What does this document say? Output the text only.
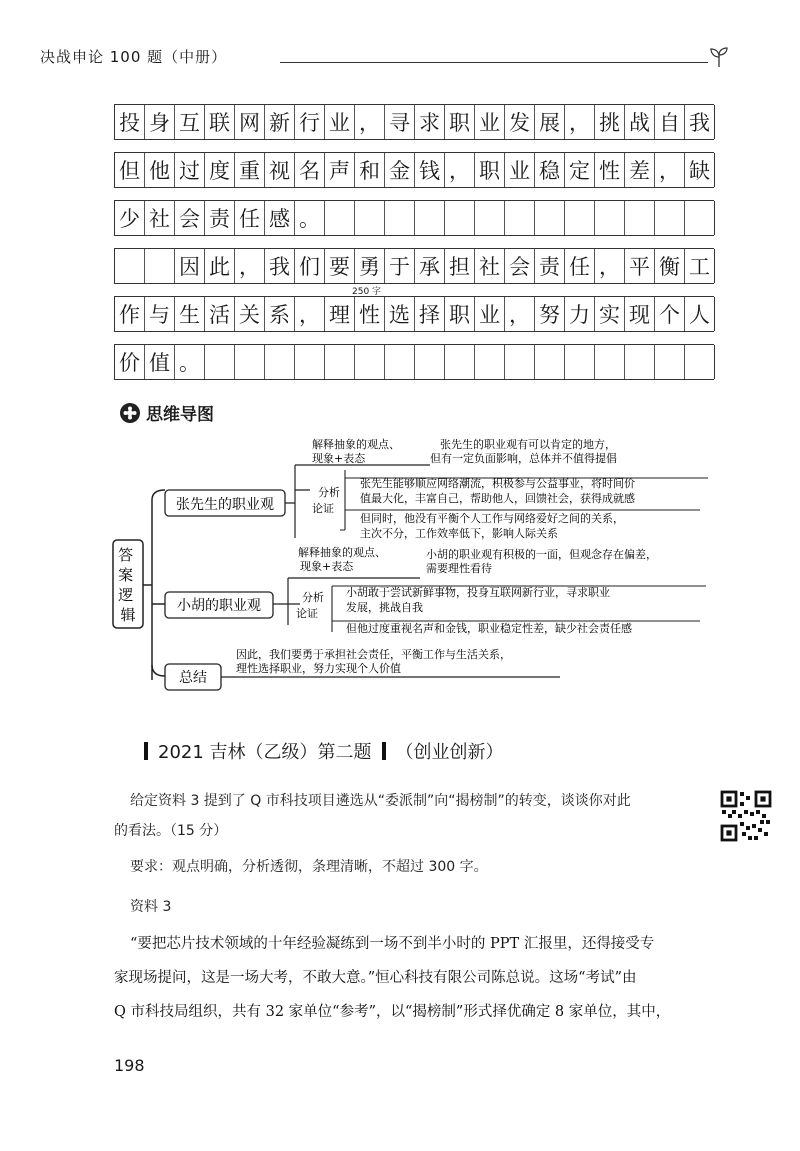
决战申论 100 题（中册）
投 身 互 联 网 新 行 业 ， 寻 求 职 业 发 展 ， 挑 战 自 我
但 他 过 度 重 视 名 声 和 金 钱 ， 职 业 稳 定 性 差 ， 缺
少 社 会 责 任 感 。
因 此 ， 我 们 要 勇 于 承 担 社 会 责 任 ， 平 衡 工
作 与 生 活 关 系 ， 理 性 选 择 职 业 ， 努 力 实 现 个 人
价 值 。
250 字
思维导图
答 案 逻 辑
张先生的职业观
解释抽象的观点、现象+表态
张先生的职业观有可以肯定的地方，但有一定负面影响，总体并不值得提倡
分析论证
张先生能够顺应网络潮流，积极参与公益事业，将时间价值最大化，丰富自己，帮助他人，回馈社会，获得成就感
但同时，他没有平衡个人工作与网络爱好之间的关系，主次不分，工作效率低下，影响人际关系
小胡的职业观
解释抽象的观点、现象+表态
小胡的职业观有积极的一面，但观念存在偏差，需要理性看待
分析论证
小胡敢于尝试新鲜事物，投身互联网新行业，寻求职业发展，挑战自我
但他过度重视名声和金钱，职业稳定性差，缺少社会责任感
总结
因此，我们要勇于承担社会责任，平衡工作与生活关系，理性选择职业，努力实现个人价值
2021 吉林（乙级）第二题 （创业创新）
给定资料 3 提到了 Q 市科技项目遴选从“委派制”向“揭榜制”的转变，谈谈你对此
的看法。（15 分）
要求：观点明确，分析透彻，条理清晰，不超过 300 字。
资料 3
“要把芯片技术领域的十年经验凝练到一场不到半小时的 PPT 汇报里，还得接受专
家现场提问，这是一场大考，不敢大意。”恒心科技有限公司陈总说。这场“考试”由
Q 市科技局组织，共有 32 家单位“参考”，以“揭榜制”形式择优确定 8 家单位，其中，
198
